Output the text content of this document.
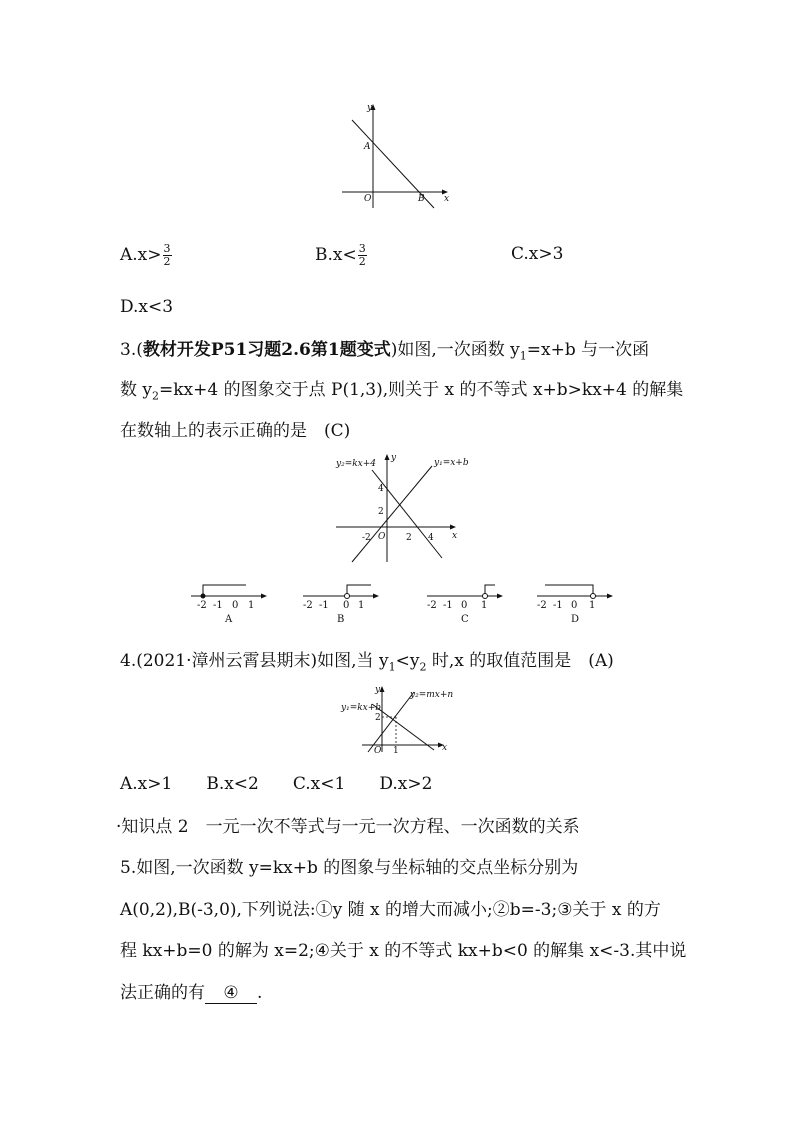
y
A
O	B x
$A.x> \frac{3}{2}$	$B.x< \frac{3}{2}$	C.x>3
D.x<3
3.(教材开发P51习题2.6第1题变式)如图,一次函数 $y_1=x+b$ 与一次函
数 $y_2=kx+4$ 的图象交于点 P(1,3),则关于 x 的不等式 x+b>kx+4 的解集
在数轴上的表示正确的是　(C)
y₂=kx+4	y₁=x+b
y
4
2
-2 O 2 4 x
-2 -1 0 1
A
-2 -1 0 1
B
-2 -1 0 1
C
-2 -1 0 1
D
4.(2021·漳州云霄县期末)如图,当 $y_1<y_2$ 时,x 的取值范围是　(A)
y	y₂=mx+n
y₁=kx+b
2
O 1	x
A.x>1　　B.x<2　　C.x<1　　D.x>2
·知识点 2　一元一次不等式与一元一次方程、一次函数的关系
5.如图,一次函数 y=kx+b 的图象与坐标轴的交点坐标分别为
A(0,2),B(-3,0),下列说法:①y 随 x 的增大而减小;②b=-3;③关于 x 的方
程 kx+b=0 的解为 x=2;④关于 x 的不等式 kx+b<0 的解集 x<-3.其中说
法正确的有 ④ .
